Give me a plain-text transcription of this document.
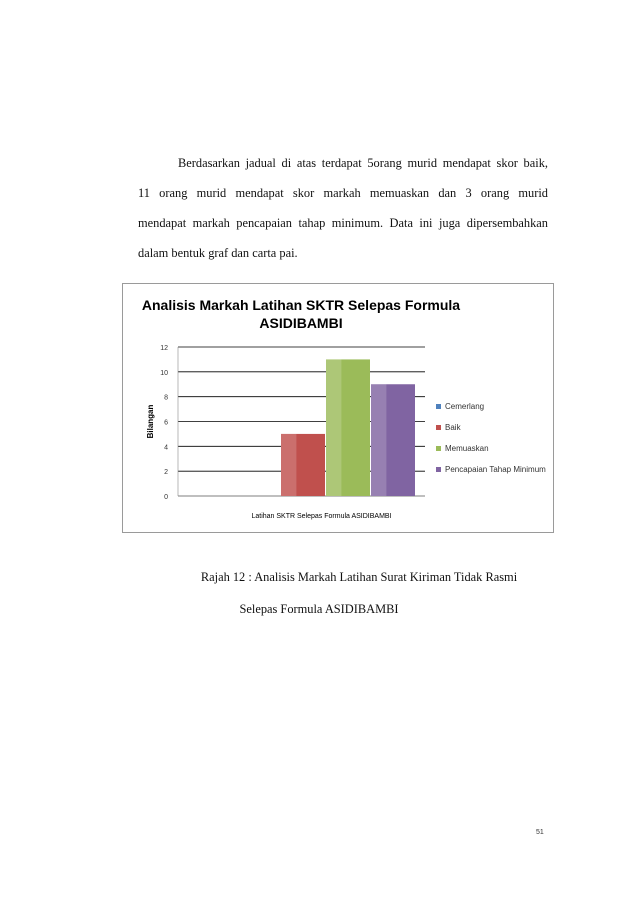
Berdasarkan jadual di atas terdapat 5orang murid mendapat skor baik,
11 orang murid mendapat skor markah memuaskan dan 3 orang murid
mendapat markah pencapaian tahap minimum. Data ini juga dipersembahkan
dalam bentuk graf dan carta pai.
Analisis Markah Latihan SKTR Selepas Formula
ASIDIBAMBI
0
2
4
6
8
10
12
Bilangan
Latihan SKTR Selepas Formula ASIDIBAMBI
Cemerlang
Baik
Memuaskan
Pencapaian Tahap Minimum
Rajah 12 : Analisis Markah Latihan Surat Kiriman Tidak Rasmi
Selepas Formula ASIDIBAMBI
51
